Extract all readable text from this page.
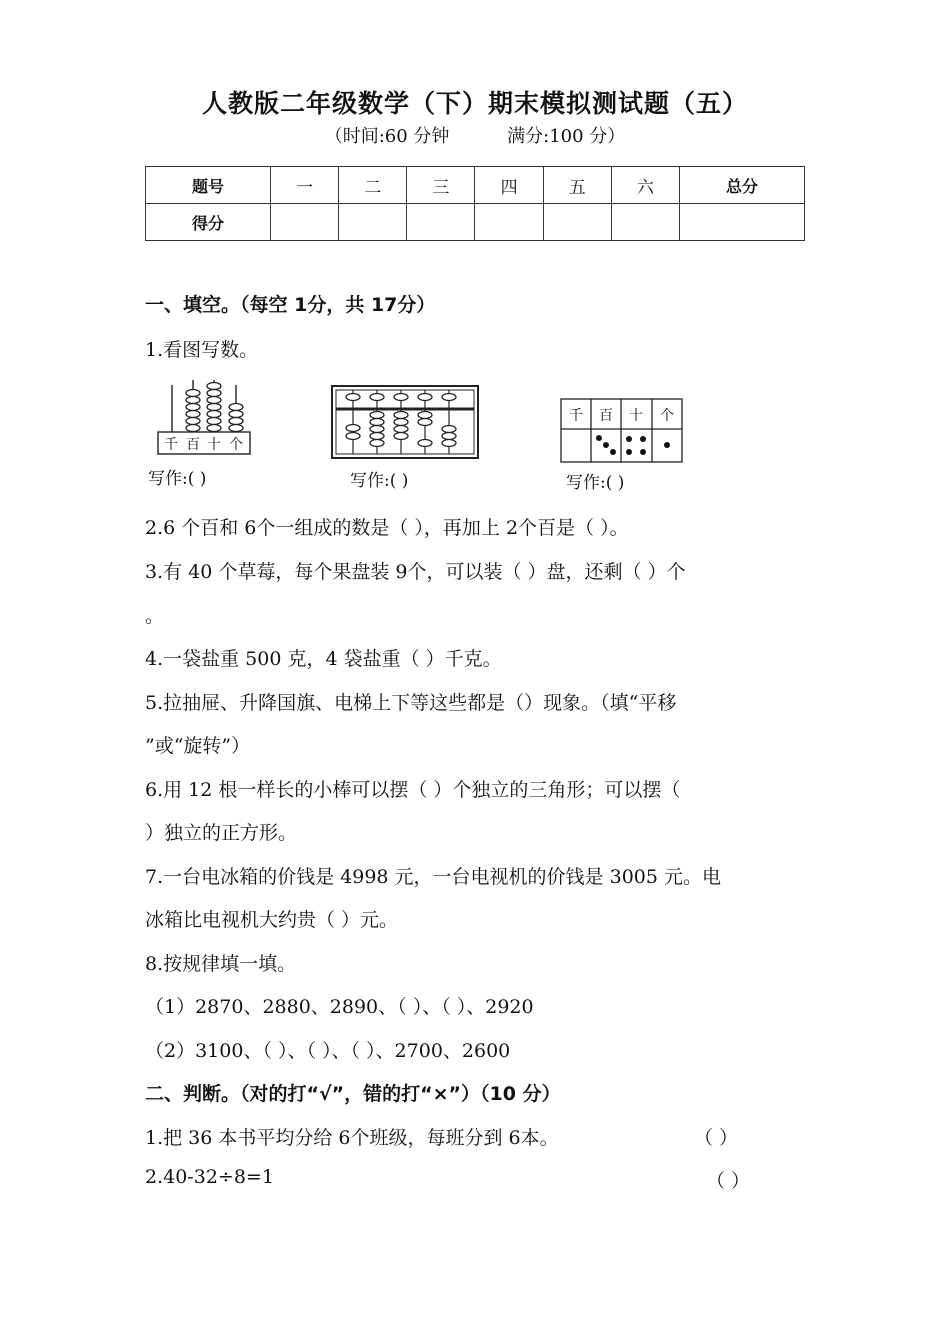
人教版二年级数学（下）期末模拟测试题（五）
（时间:60 分钟	满分:100 分）
题号	一	二	三	四	五	六	总分
得分							
一、填空。（每空 1分，共 17分）
1.看图写数。
千 百 十 个
写作:( )	写作:( )
千 百 十 个
写作:( )
2.6 个百和 6个一组成的数是（ ），再加上 2个百是（ ）。
3.有 40 个草莓，每个果盘装 9个，可以装（ ）盘，还剩（ ）个
。
4.一袋盐重 500 克，4 袋盐重（ ）千克。
5.拉抽屉、升降国旗、电梯上下等这些都是（）现象。（填“平移
”或“旋转”）
6.用 12 根一样长的小棒可以摆（ ）个独立的三角形；可以摆（
）独立的正方形。
7.一台电冰箱的价钱是 4998 元，一台电视机的价钱是 3005 元。电
冰箱比电视机大约贵（ ）元。
8.按规律填一填。
（1）2870、2880、2890、（ ）、（ ）、2920
（2）3100、（ ）、（ ）、（ ）、2700、2600
二、判断。（对的打“√”，错的打“×”）（10 分）
1.把 36 本书平均分给 6个班级，每班分到 6本。	（ ）
2.40-32÷8=1	（ ）
